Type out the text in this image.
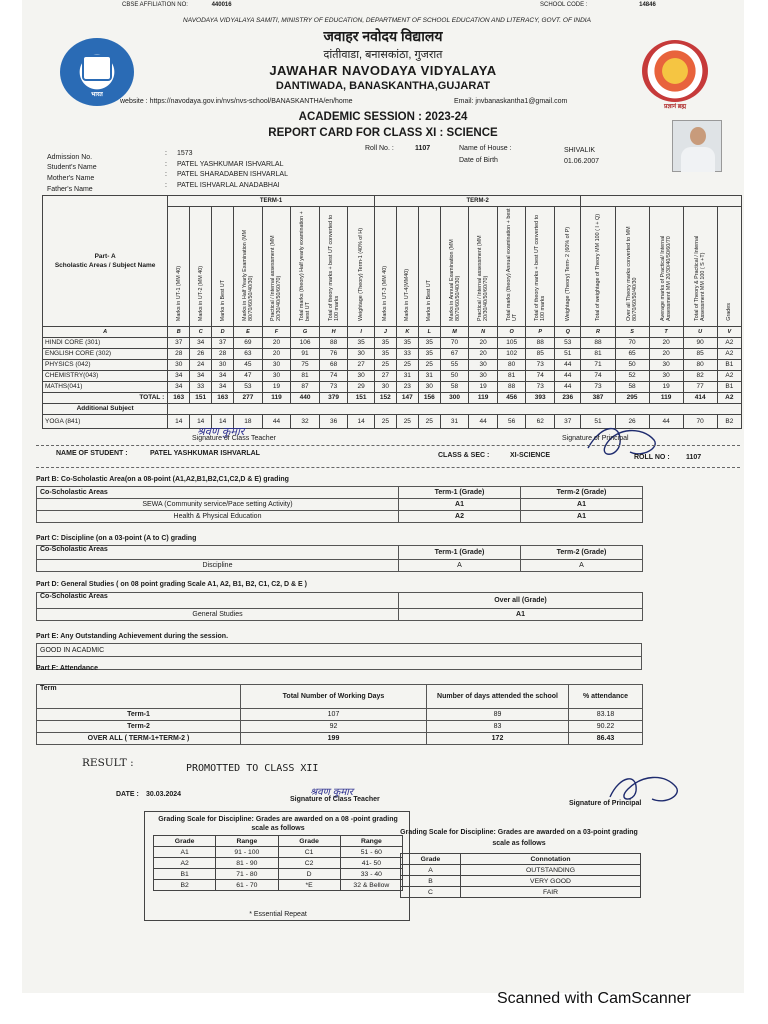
CBSE AFFILIATION NO:	440016	SCHOOL CODE :	14846
NAVODAYA VIDYALAYA SAMITI, MINISTRY OF EDUCATION, DEPARTMENT OF SCHOOL EDUCATION AND LITERACY, GOVT. OF INDIA
भारत
प्रज्ञानं ब्रह्म
जवाहर नवोदय विद्यालय
दांतीवाडा, बनासकांठा, गुजरात
JAWAHAR NAVODAYA VIDYALAYA
DANTIWADA, BANASKANTHA,GUJARAT
website : https://navodaya.gov.in/nvs/nvs-school/BANASKANTHA/en/home	Email: jnvbanaskantha1@gmail.com
ACADEMIC SESSION : 2023-24
REPORT CARD FOR CLASS XI : SCIENCE
Roll No. :	1107	Name of House :	SHIVALIK
Date of Birth	01.06.2007
Admission No.
: 1573
Student's Name	: PATEL YASHKUMAR ISHVARLAL
Mother's Name
: PATEL SHARADABEN ISHVARLAL
Father's Name
: PATEL ISHVARLAL ANADABHAI
Part- A
Scholastic Areas / Subject Name	TERM-1								TERM-2												
	Marks in UT-1 (MM 40)	Marks in UT-2 (MM 40)	Marks in Best UT	Marks in Half Yearly Examination (MM 80/70/60/50/40/30)	Practical / Internal assessment (MM 20/30/40/50/60/70)	Total marks (theory) Half yearly examination + best UT	Total of theory marks + best UT converted to 100 marks	Weightage (Theory) Term-1 (40% of H)	Marks in UT-3 (MM 40)	Marks in UT-4(MM40)	Marks in Best UT	Marks in Annual Examination (MM 80/70/60/50/40/30)	Practical / Internal assessment (MM 20/30/40/50/60/70)	Total marks (theory) Annual examination + best UT	Total of theory marks + best UT converted to 100 marks	Weightage (Theory) Term- 2 (60% of P)	Total of weightage of Theory MM 100 ( I + Q)	Over all Theory marks converted to MM 80/70/60/50/40/30	Average marks of Practical/ Internal Assessment MM 20/30/40/50/60/70	Total of Theory & Practical / Internal Assessment MM 100 ( S +T)	Grades
A	B	C	D	E	F	G	H	I	J	K	L	M	N	O	P	Q	R	S	T	U	V
HINDI CORE (301)	37	34	37	69	20	106	88	35	35	35	35	70	20	105	88	53	88	70	20	90	A2
ENGLISH CORE (302)	28	26	28	63	20	91	76	30	35	33	35	67	20	102	85	51	81	65	20	85	A2
PHYSICS (042)	30	24	30	45	30	75	68	27	25	25	25	55	30	80	73	44	71	50	30	80	B1
CHEMISTRY(043)	34	34	34	47	30	81	74	30	27	31	31	50	30	81	74	44	74	52	30	82	A2
MATHS(041)	34	33	34	53	19	87	73	29	30	23	30	58	19	88	73	44	73	58	19	77	B1
TOTAL :	163	151	163	277	119	440	379	151	152	147	156	300	119	456	393	236	387	295	119	414	A2
Additional Subject																					
YOGA (841)	14	14	14	18	44	32	36	14	25	25	25	31	44	56	62	37	51	26	44	70	B2
श्रवण कुमार
Signature of Class Teacher	Signature of Principal
NAME OF STUDENT :	PATEL YASHKUMAR ISHVARLAL	CLASS & SEC :	XI-SCIENCE	ROLL NO : 1107
Part B: Co-Scholastic Area(on a 08-point (A1,A2,B1,B2,C1,C2,D & E) grading
Co-Scholastic Areas	Term-1 (Grade)	Term-2 (Grade)
SEWA (Community service/Pace setting Activity)	A1	A1
Health & Physical Education	A2	A1
Part C: Discipline (on a 03-point (A to C) grading
Co-Scholastic Areas	Term-1 (Grade)	Term-2 (Grade)
Discipline	A	A
Part D: General Studies ( on 08 point grading Scale A1, A2, B1, B2, C1, C2, D & E )
Co-Scholastic Areas	Over all (Grade)
General Studies	A1
Part E: Any Outstanding Achievement during the session.
GOOD IN ACADMIC

Part F: Attendance
Term	Total Number of Working Days	Number of days attended the school	% attendance
Term-1	107	89	83.18
Term-2	92	83	90.22
OVER ALL ( TERM-1+TERM-2 )	199	172	86.43
RESULT :	PROMOTTED TO CLASS XII
DATE : 30.03.2024	श्रवण कुमार
Signature of Class Teacher
Signature of Principal
Grading Scale for Discipline: Grades are awarded on a 08 -point grading scale as follows
Grade	Range	Grade	Range
A1	91 - 100	C1	51 - 60
A2	81 - 90	C2	41- 50
B1	71 - 80	D	33 - 40
B2	61 - 70	*E	32 & Bellow
* Essential Repeat
Grading Scale for Discipline: Grades are awarded on a 03-point grading scale as follows
Grade	Connotation
A	OUTSTANDING
B	VERY GOOD
C	FAIR
Scanned with CamScanner
